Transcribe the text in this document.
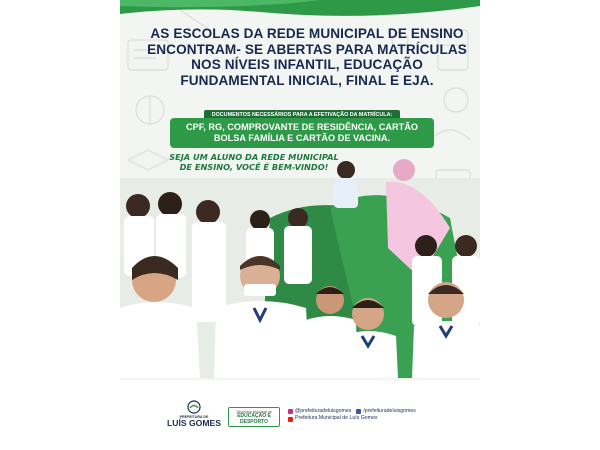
AS ESCOLAS DA REDE MUNICIPAL DE ENSINO ENCONTRAM- SE ABERTAS PARA MATRÍCULAS NOS NÍVEIS INFANTIL, EDUCAÇÃO FUNDAMENTAL INICIAL, FINAL E EJA.
DOCUMENTOS NECESSÁRIOS PARA A EFETIVAÇÃO DA MATRÍCULA:
CPF, RG, COMPROVANTE DE RESIDÊNCIA, CARTÃO BOLSA FAMÍLIA E CARTÃO DE VACINA.
SEJA UM ALUNO DA REDE MUNICIPAL DE ENSINO, VOCÊ É BEM-VINDO!
PREFEITURA DE
LUÍS GOMES
Secretaria Municipal de
EDUCAÇÃO E DESPORTO
@prefeituradeluisgomes /prefeituradeluisgomes
Prefeitura Municipal de Luís Gomes
